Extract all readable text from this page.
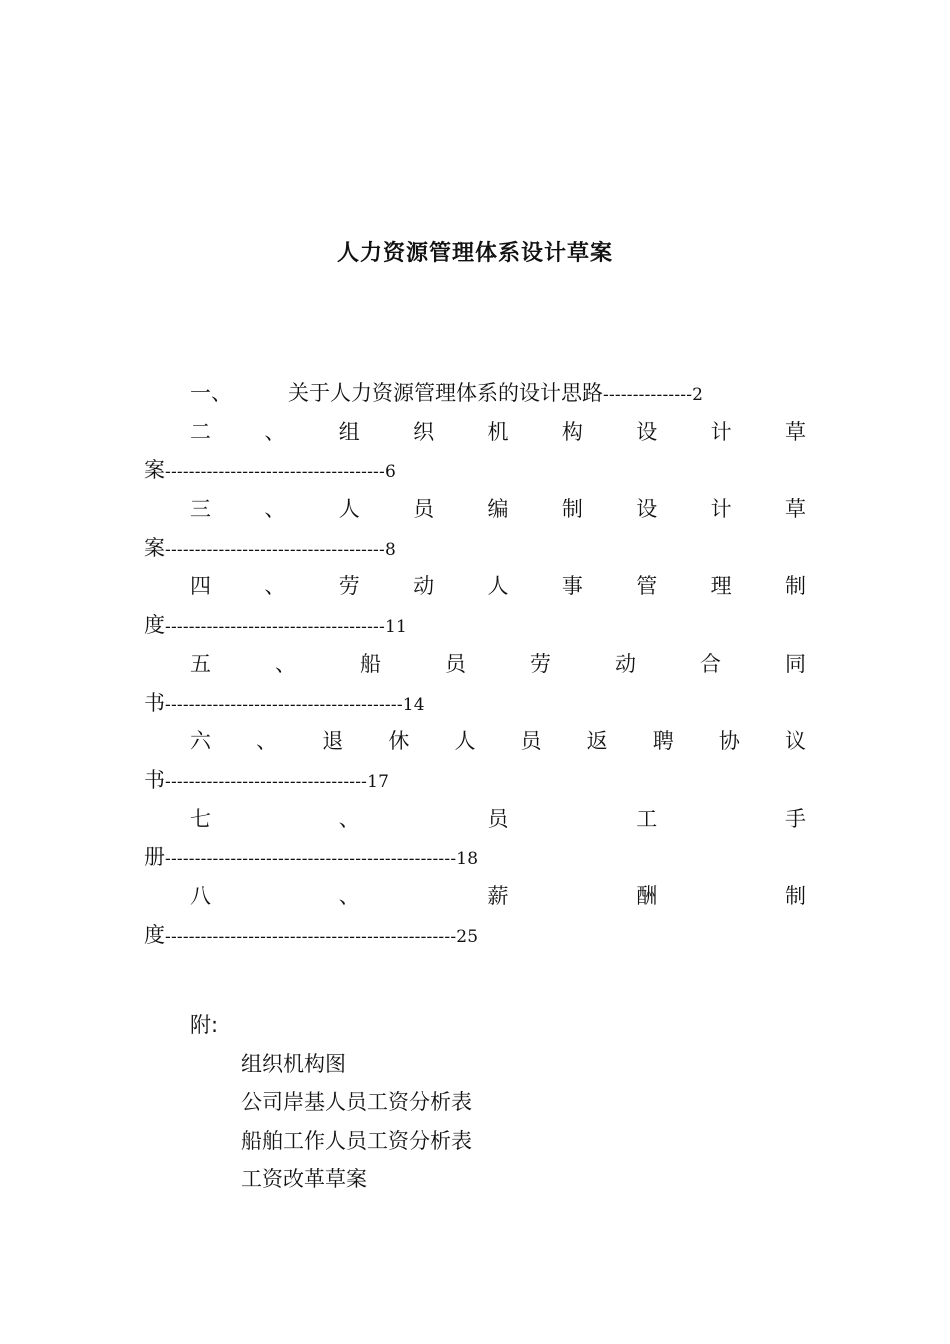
人力资源管理体系设计草案
一、	关于人力资源管理体系的设计思路---------------2
二	、	组	织	机	构	设	计	草
案-------------------------------------6
三	、	人	员	编	制	设	计	草
案-------------------------------------8
四	、	劳	动	人	事	管	理	制
度-------------------------------------11
五	、	船	员	劳	动	合	同
书----------------------------------------14
六 、 退 休 人 员 返 聘 协 议
书----------------------------------17
七	、	员	工	手
册-------------------------------------------------18
八	、	薪	酬	制
度-------------------------------------------------25

附:

组织机构图
公司岸基人员工资分析表
船舶工作人员工资分析表
工资改革草案
